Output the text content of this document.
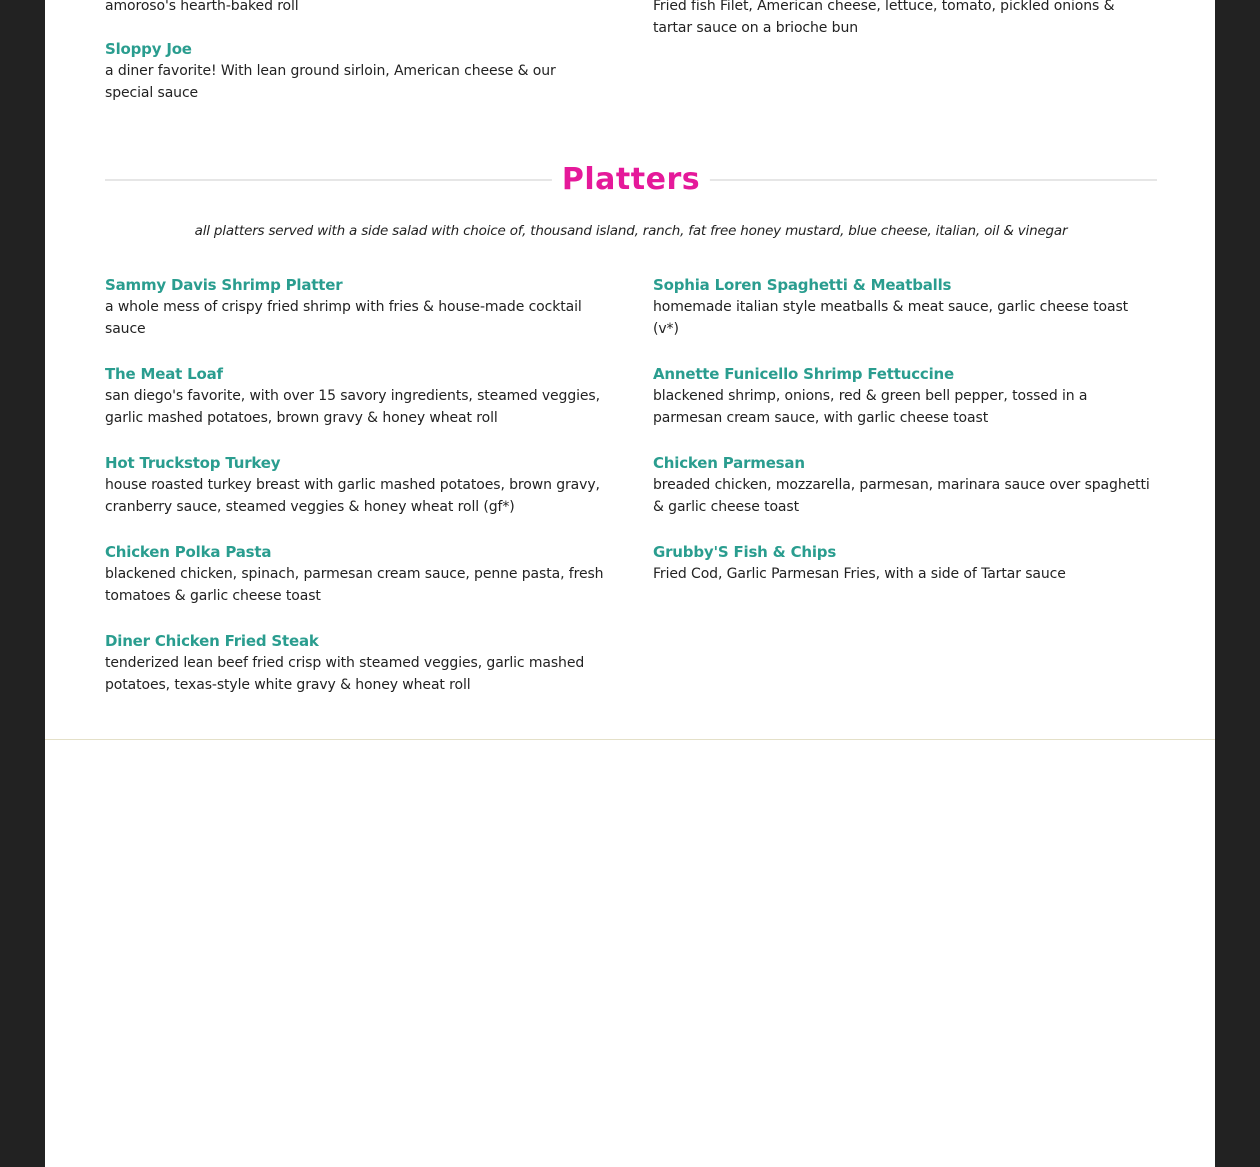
amoroso's hearth-baked roll	Fried fish Filet, American cheese, lettuce, tomato, pickled onions & tartar sauce on a brioche bun
Sloppy Joe
a diner favorite! With lean ground sirloin, American cheese & our special sauce
Platters
all platters served with a side salad with choice of, thousand island, ranch, fat free honey mustard, blue cheese, italian, oil & vinegar
Sammy Davis Shrimp Platter
a whole mess of crispy fried shrimp with fries & house-made cocktail sauce
The Meat Loaf
san diego's favorite, with over 15 savory ingredients, steamed veggies, garlic mashed potatoes, brown gravy & honey wheat roll
Hot Truckstop Turkey
house roasted turkey breast with garlic mashed potatoes, brown gravy, cranberry sauce, steamed veggies & honey wheat roll (gf*)
Chicken Polka Pasta
blackened chicken, spinach, parmesan cream sauce, penne pasta, fresh tomatoes & garlic cheese toast
Diner Chicken Fried Steak
tenderized lean beef fried crisp with steamed veggies, garlic mashed potatoes, texas-style white gravy & honey wheat roll
Sophia Loren Spaghetti & Meatballs
homemade italian style meatballs & meat sauce, garlic cheese toast (v*)
Annette Funicello Shrimp Fettuccine
blackened shrimp, onions, red & green bell pepper, tossed in a parmesan cream sauce, with garlic cheese toast
Chicken Parmesan
breaded chicken, mozzarella, parmesan, marinara sauce over spaghetti & garlic cheese toast
Grubby'S Fish & Chips
Fried Cod, Garlic Parmesan Fries, with a side of Tartar sauce
